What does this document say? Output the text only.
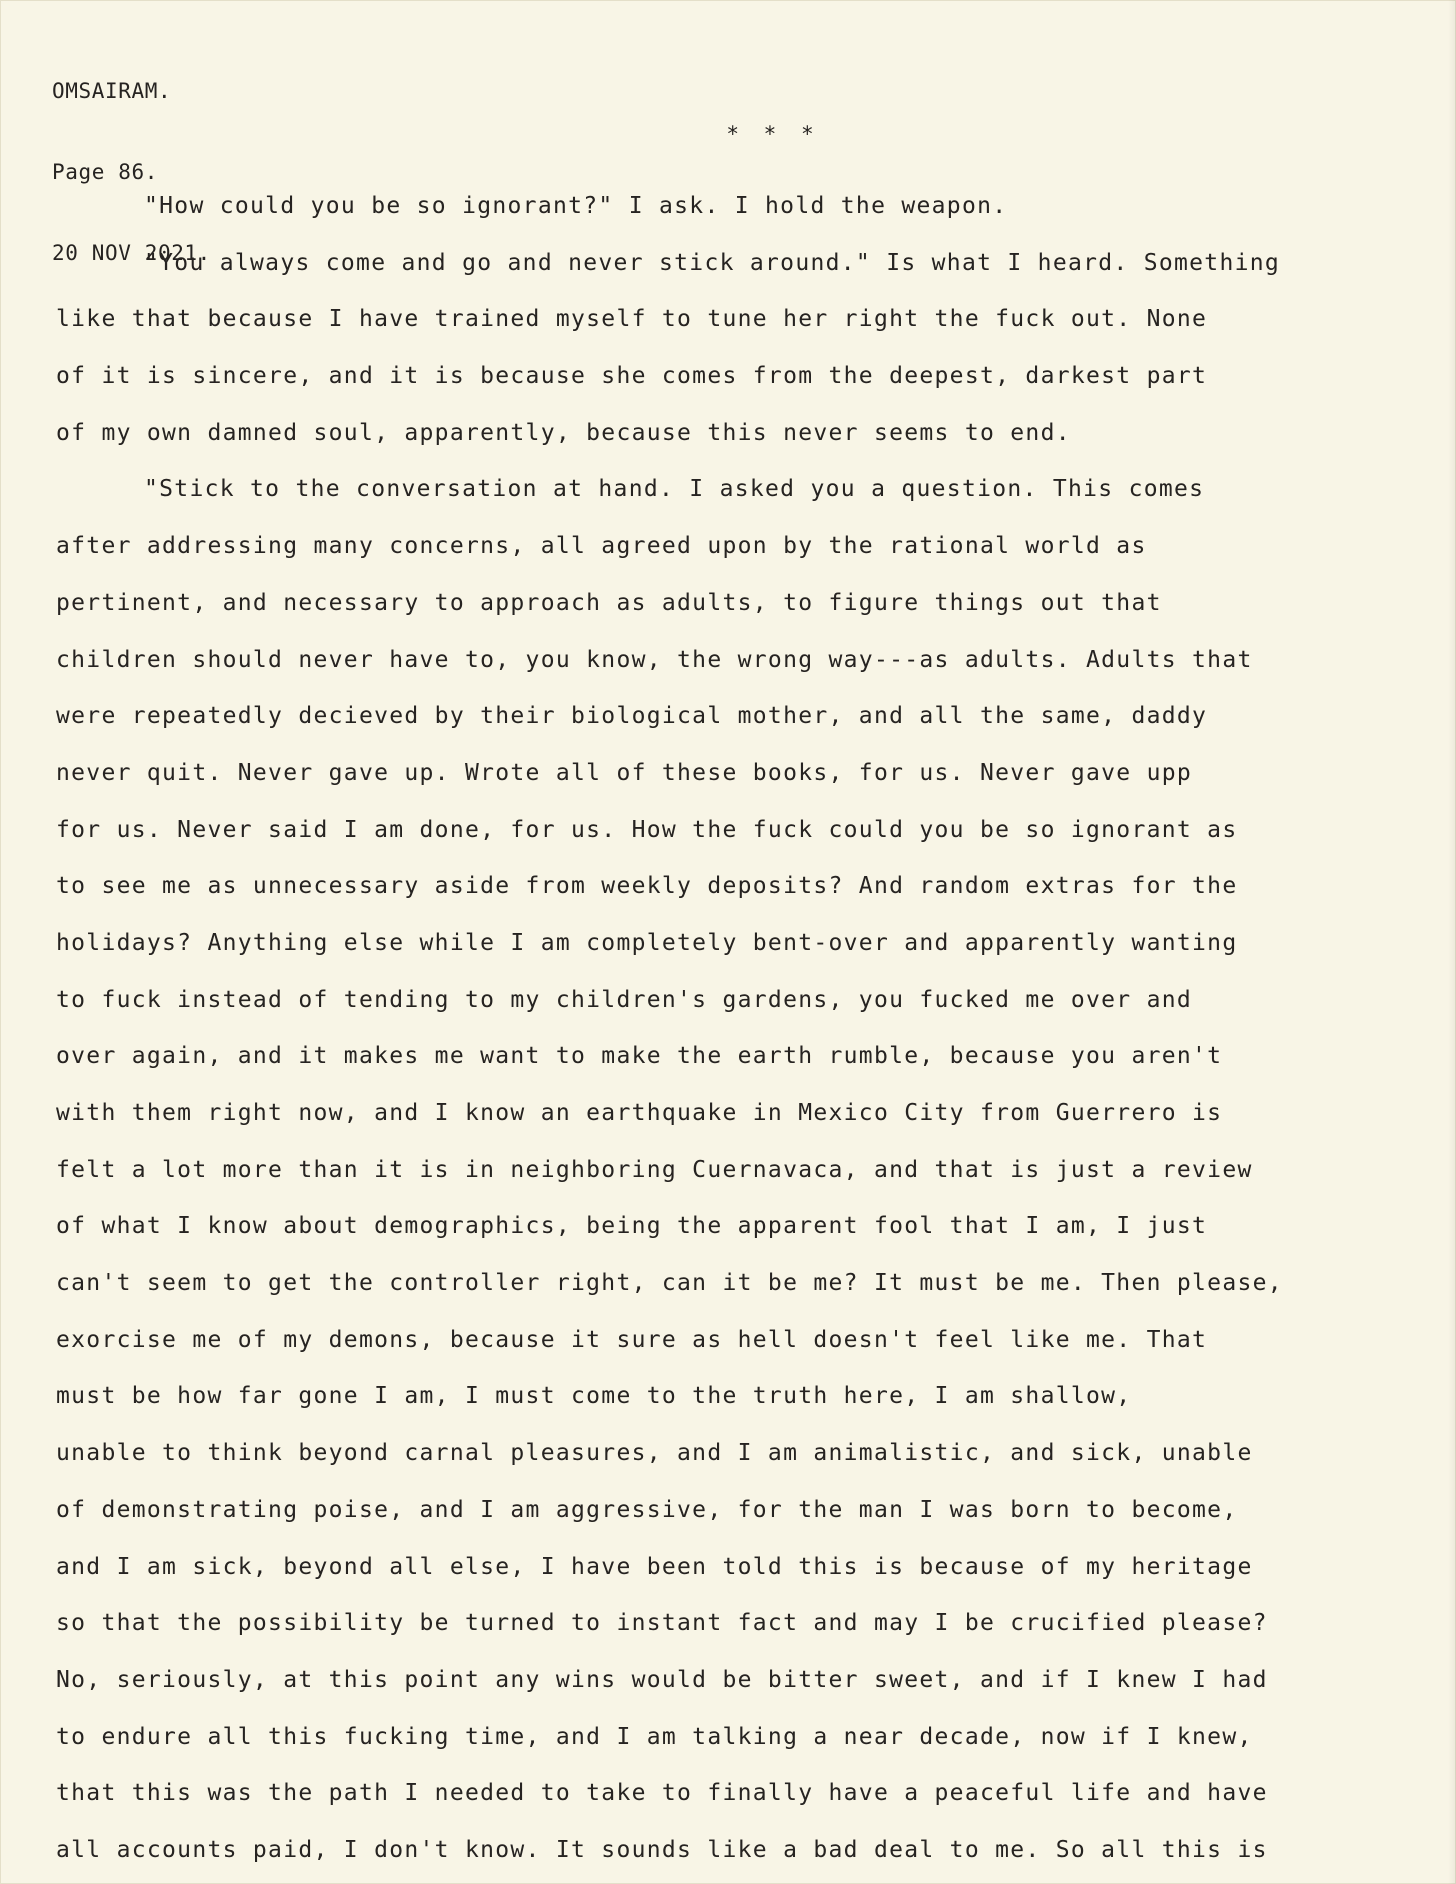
OMSAIRAM.

Page 86.

20 NOV 2021.

* * *
"How could you be so ignorant?" I ask. I hold the weapon.
"You always come and go and never stick around." Is what I heard. Something
like that because I have trained myself to tune her right the fuck out. None
of it is sincere, and it is because she comes from the deepest, darkest part
of my own damned soul, apparently, because this never seems to end.
"Stick to the conversation at hand. I asked you a question. This comes
after addressing many concerns, all agreed upon by the rational world as
pertinent, and necessary to approach as adults, to figure things out that
children should never have to, you know, the wrong way---as adults. Adults that
were repeatedly decieved by their biological mother, and all the same, daddy
never quit. Never gave up. Wrote all of these books, for us. Never gave upp
for us. Never said I am done, for us. How the fuck could you be so ignorant as
to see me as unnecessary aside from weekly deposits? And random extras for the
holidays? Anything else while I am completely bent-over and apparently wanting
to fuck instead of tending to my children's gardens, you fucked me over and
over again, and it makes me want to make the earth rumble, because you aren't
with them right now, and I know an earthquake in Mexico City from Guerrero is
felt a lot more than it is in neighboring Cuernavaca, and that is just a review
of what I know about demographics, being the apparent fool that I am, I just
can't seem to get the controller right, can it be me? It must be me. Then please,
exorcise me of my demons, because it sure as hell doesn't feel like me. That
must be how far gone I am, I must come to the truth here, I am shallow,
unable to think beyond carnal pleasures, and I am animalistic, and sick, unable
of demonstrating poise, and I am aggressive, for the man I was born to become,
and I am sick, beyond all else, I have been told this is because of my heritage
so that the possibility be turned to instant fact and may I be crucified please?
No, seriously, at this point any wins would be bitter sweet, and if I knew I had
to endure all this fucking time, and I am talking a near decade, now if I knew,
that this was the path I needed to take to finally have a peaceful life and have
all accounts paid, I don't know. It sounds like a bad deal to me. So all this is
